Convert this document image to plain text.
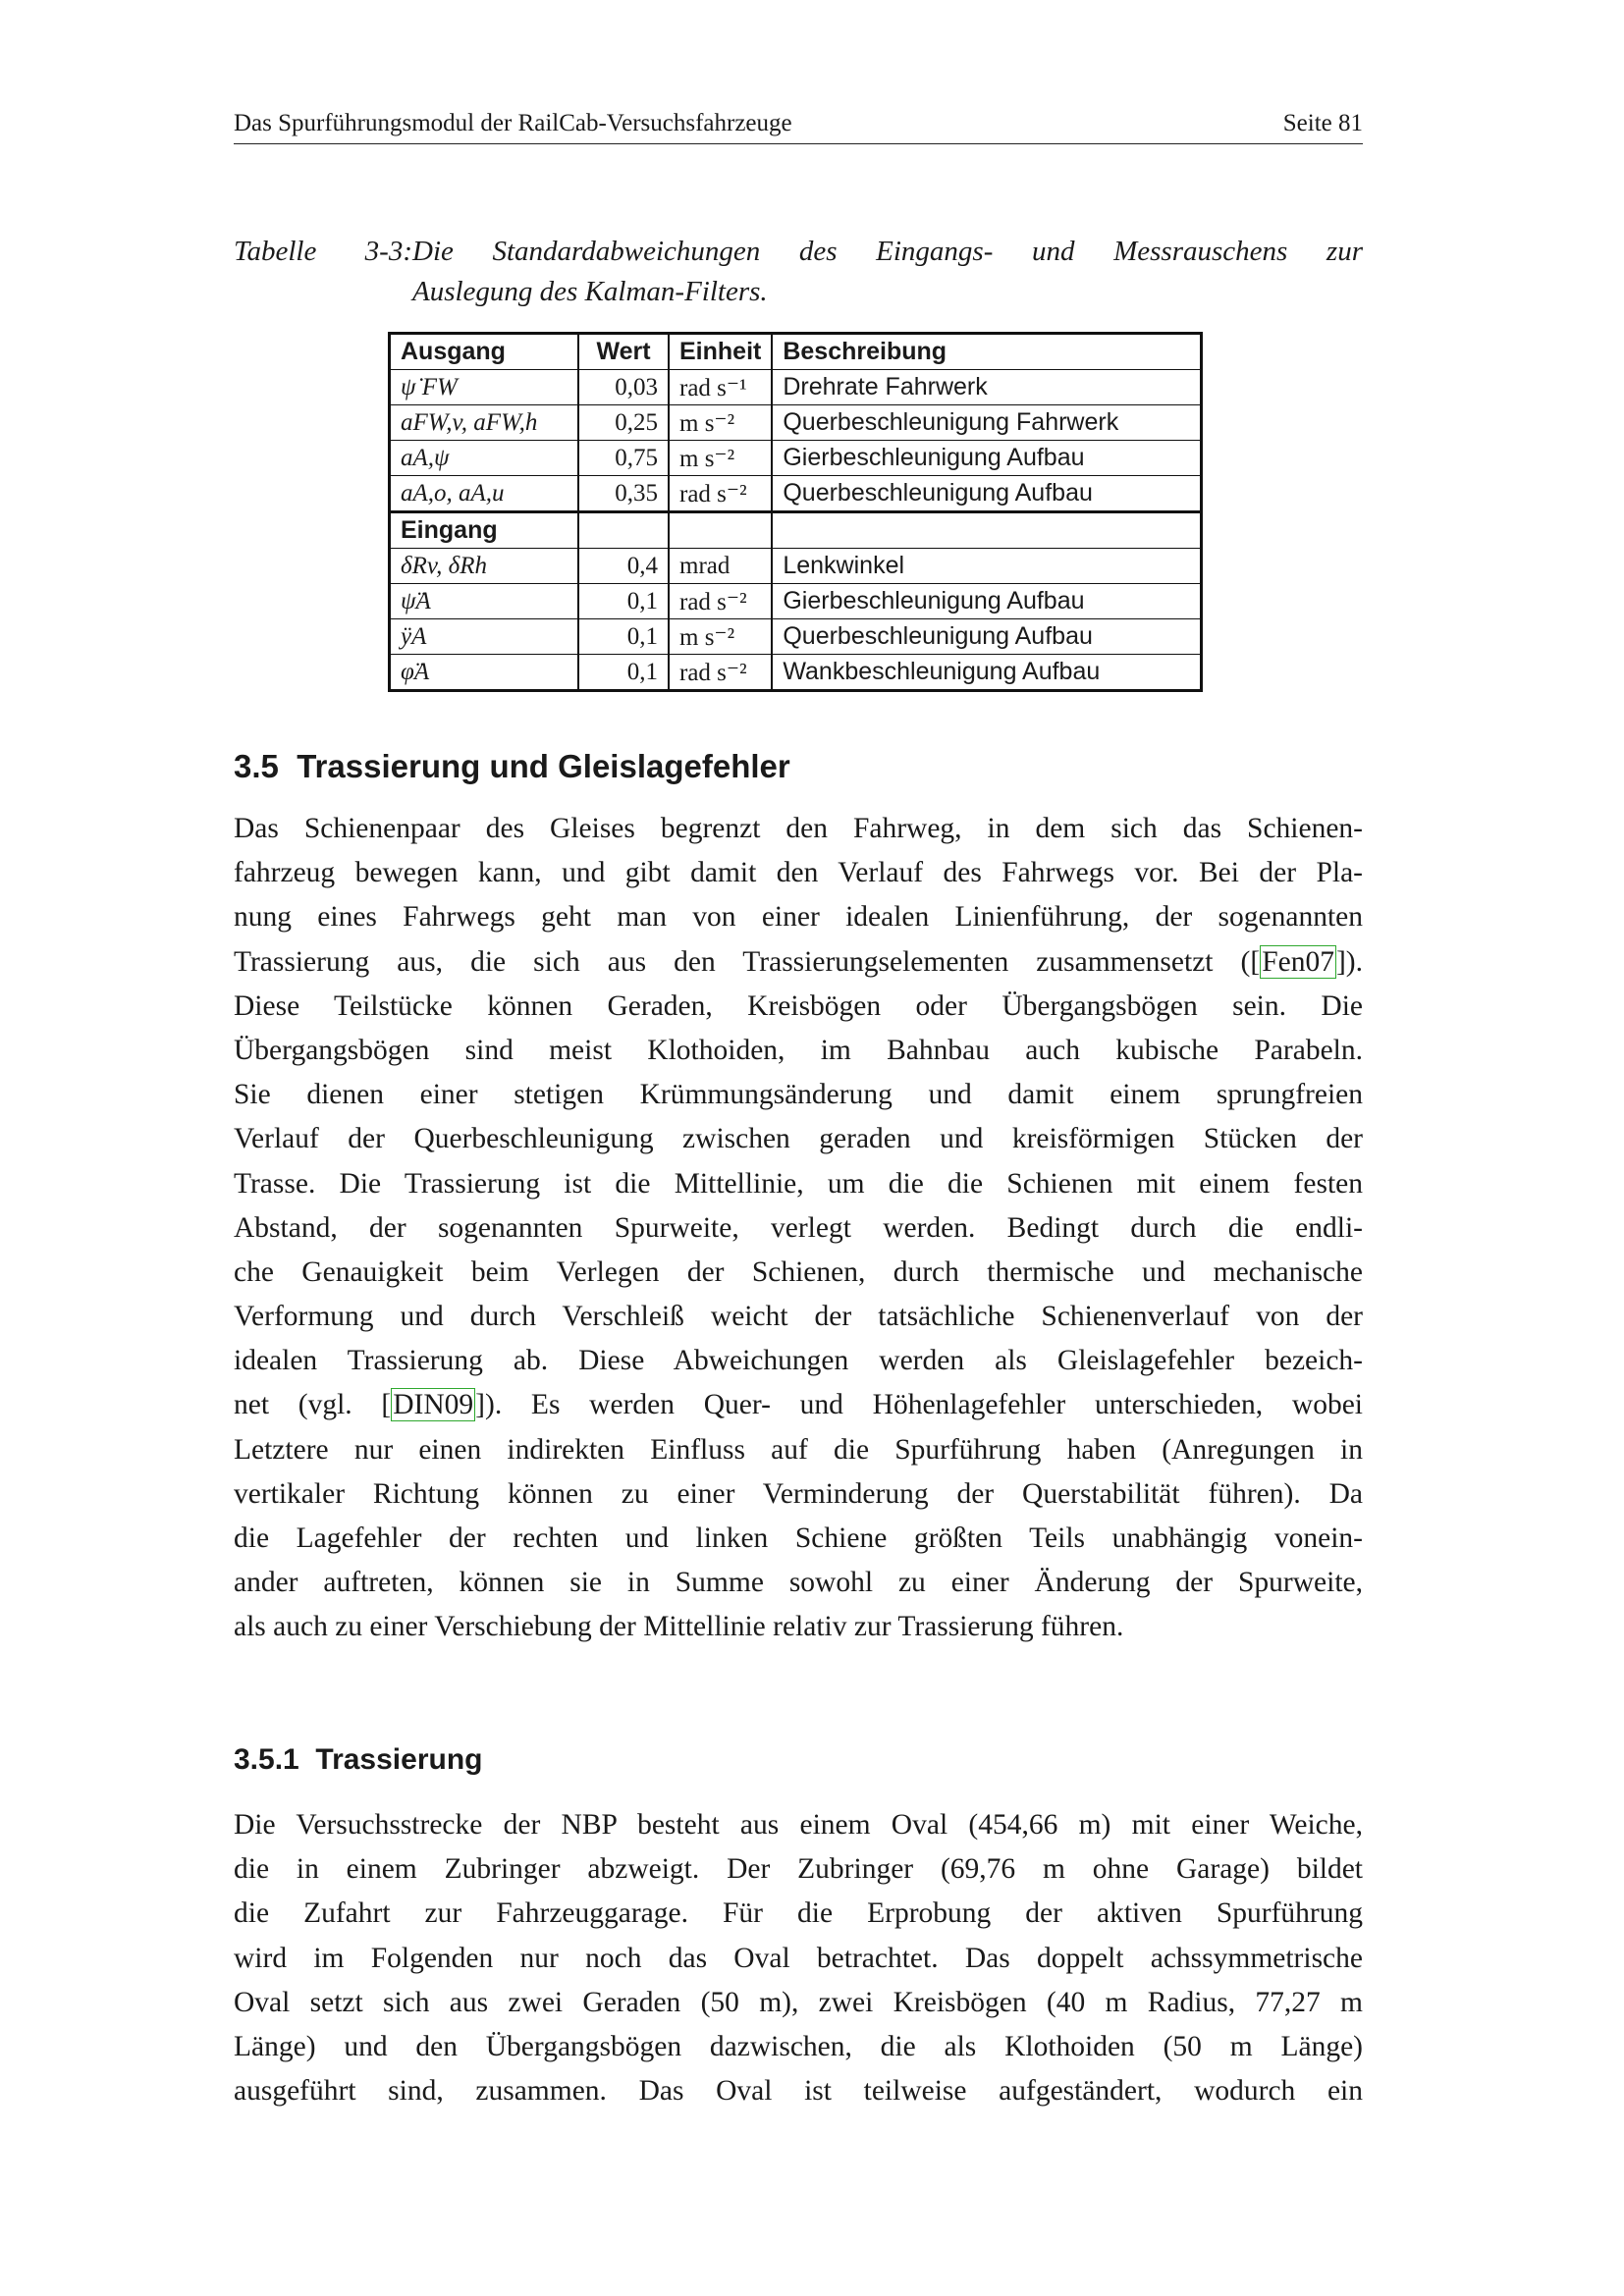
Das Spurführungsmodul der RailCab-Versuchsfahrzeuge	Seite 81
Tabelle 3-3:Die Standardabweichungen des Eingangs- und Messrauschens zur
Auslegung des Kalman-Filters.
Ausgang	Wert	Einheit	Beschreibung
ψ̇ FW	0,03	rad s⁻¹	Drehrate Fahrwerk
aFW,v, aFW,h	0,25	m s⁻²	Querbeschleunigung Fahrwerk
aA,ψ	0,75	m s⁻²	Gierbeschleunigung Aufbau
aA,o, aA,u	0,35	rad s⁻²	Querbeschleunigung Aufbau
Eingang			
δRv, δRh	0,4	mrad	Lenkwinkel
ψ̈A	0,1	rad s⁻²	Gierbeschleunigung Aufbau
ÿA	0,1	m s⁻²	Querbeschleunigung Aufbau
φ̈A	0,1	rad s⁻²	Wankbeschleunigung Aufbau
3.5 Trassierung und Gleislagefehler
Das Schienenpaar des Gleises begrenzt den Fahrweg, in dem sich das Schienen-
fahrzeug bewegen kann, und gibt damit den Verlauf des Fahrwegs vor. Bei der Pla-
nung eines Fahrwegs geht man von einer idealen Linienführung, der sogenannten
Trassierung aus, die sich aus den Trassierungselementen zusammensetzt ([Fen07]).
Diese Teilstücke können Geraden, Kreisbögen oder Übergangsbögen sein. Die
Übergangsbögen sind meist Klothoiden, im Bahnbau auch kubische Parabeln.
Sie dienen einer stetigen Krümmungsänderung und damit einem sprungfreien
Verlauf der Querbeschleunigung zwischen geraden und kreisförmigen Stücken der
Trasse. Die Trassierung ist die Mittellinie, um die die Schienen mit einem festen
Abstand, der sogenannten Spurweite, verlegt werden. Bedingt durch die endli-
che Genauigkeit beim Verlegen der Schienen, durch thermische und mechanische
Verformung und durch Verschleiß weicht der tatsächliche Schienenverlauf von der
idealen Trassierung ab. Diese Abweichungen werden als Gleislagefehler bezeich-
net (vgl. [DIN09]). Es werden Quer- und Höhenlagefehler unterschieden, wobei
Letztere nur einen indirekten Einfluss auf die Spurführung haben (Anregungen in
vertikaler Richtung können zu einer Verminderung der Querstabilität führen). Da
die Lagefehler der rechten und linken Schiene größten Teils unabhängig vonein-
ander auftreten, können sie in Summe sowohl zu einer Änderung der Spurweite,
als auch zu einer Verschiebung der Mittellinie relativ zur Trassierung führen.
3.5.1 Trassierung
Die Versuchsstrecke der NBP besteht aus einem Oval (454,66 m) mit einer Weiche,
die in einem Zubringer abzweigt. Der Zubringer (69,76 m ohne Garage) bildet
die Zufahrt zur Fahrzeuggarage. Für die Erprobung der aktiven Spurführung
wird im Folgenden nur noch das Oval betrachtet. Das doppelt achssymmetrische
Oval setzt sich aus zwei Geraden (50 m), zwei Kreisbögen (40 m Radius, 77,27 m
Länge) und den Übergangsbögen dazwischen, die als Klothoiden (50 m Länge)
ausgeführt sind, zusammen. Das Oval ist teilweise aufgeständert, wodurch ein
